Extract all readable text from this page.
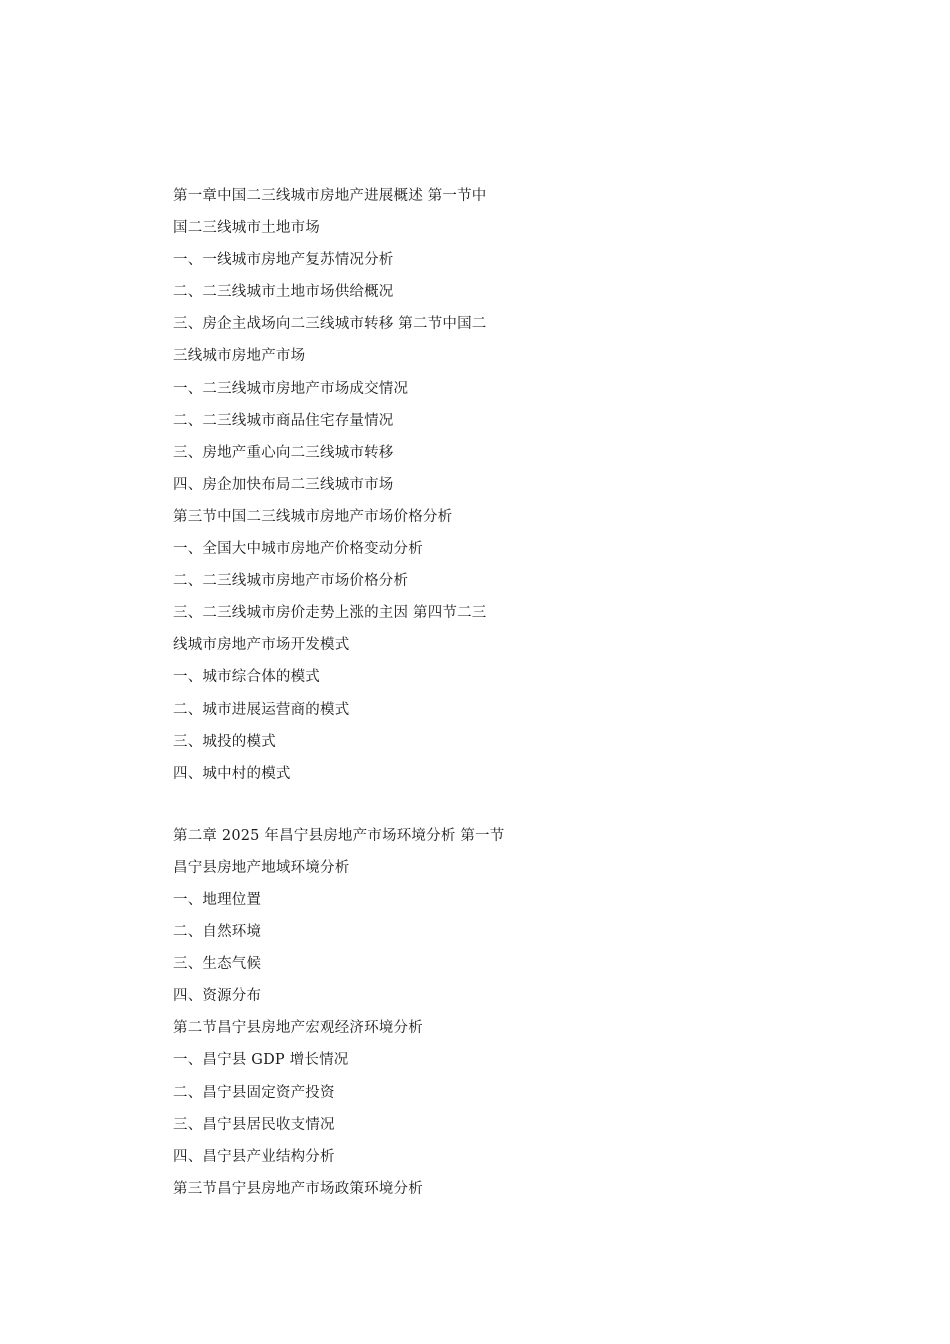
第一章中国二三线城市房地产进展概述 第一节中
国二三线城市土地市场
一、一线城市房地产复苏情况分析
二、二三线城市土地市场供给概况
三、房企主战场向二三线城市转移 第二节中国二
三线城市房地产市场
一、二三线城市房地产市场成交情况
二、二三线城市商品住宅存量情况
三、房地产重心向二三线城市转移
四、房企加快布局二三线城市市场
第三节中国二三线城市房地产市场价格分析
一、全国大中城市房地产价格变动分析
二、二三线城市房地产市场价格分析
三、二三线城市房价走势上涨的主因 第四节二三
线城市房地产市场开发模式
一、城市综合体的模式
二、城市进展运营商的模式
三、城投的模式
四、城中村的模式
第二章 2025 年昌宁县房地产市场环境分析 第一节
昌宁县房地产地域环境分析
一、地理位置
二、自然环境
三、生态气候
四、资源分布
第二节昌宁县房地产宏观经济环境分析
一、昌宁县 GDP 增长情况
二、昌宁县固定资产投资
三、昌宁县居民收支情况
四、昌宁县产业结构分析
第三节昌宁县房地产市场政策环境分析
